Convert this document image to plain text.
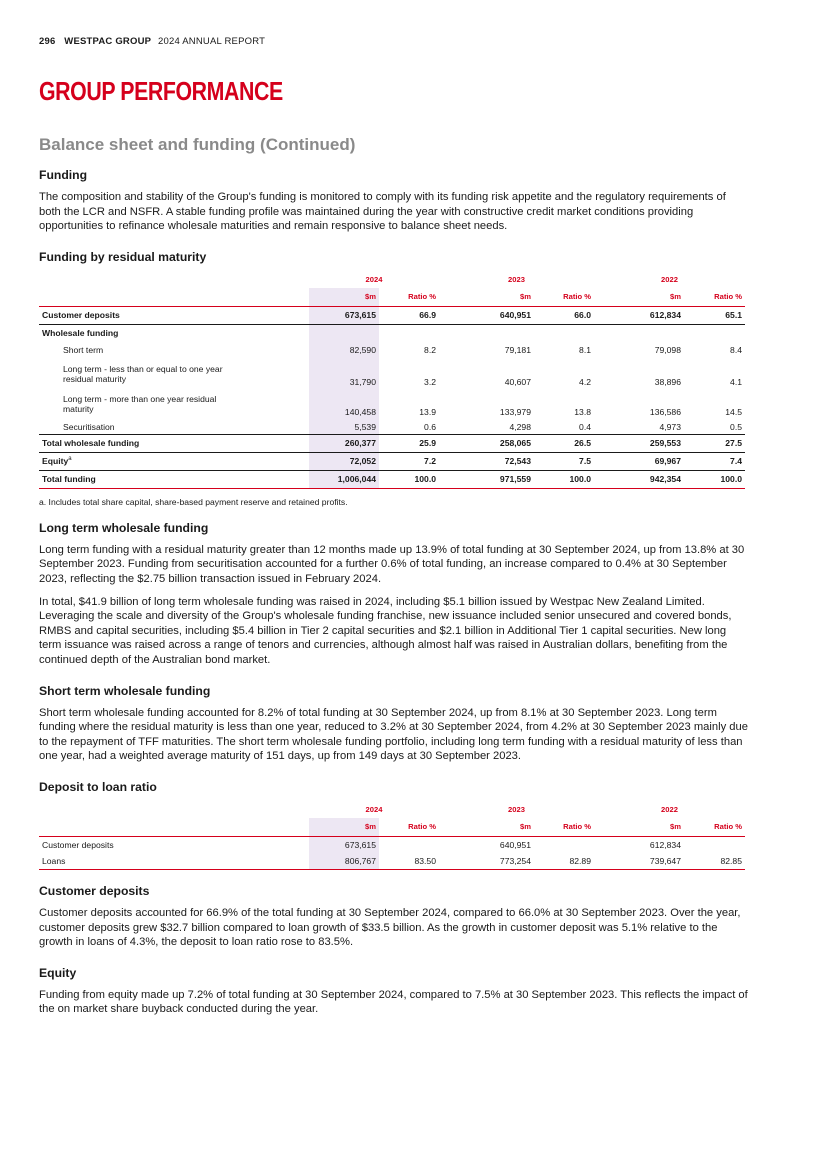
296 WESTPAC GROUP 2024 ANNUAL REPORT
GROUP PERFORMANCE
Balance sheet and funding (Continued)
Funding

The composition and stability of the Group's funding is monitored to comply with its funding risk appetite and the regulatory requirements of both the LCR and NSFR. A stable funding profile was maintained during the year with constructive credit market conditions providing opportunities to refinance wholesale maturities and remain responsive to balance sheet needs.

Funding by residual maturity
	2024		2023		2022	
	$m	Ratio %	$m	Ratio %	$m	Ratio %
Customer deposits	673,615	66.9	640,951	66.0	612,834	65.1
Wholesale funding						
Short term	82,590	8.2	79,181	8.1	79,098	8.4
Long term - less than or equal to one year residual maturity	31,790	3.2	40,607	4.2	38,896	4.1
Long term - more than one year residual maturity	140,458	13.9	133,979	13.8	136,586	14.5
Securitisation	5,539	0.6	4,298	0.4	4,973	0.5
Total wholesale funding	260,377	25.9	258,065	26.5	259,553	27.5
Equity$^a$	72,052	7.2	72,543	7.5	69,967	7.4
Total funding	1,006,044	100.0	971,559	100.0	942,354	100.0
a. Includes total share capital, share-based payment reserve and retained profits.
Long term wholesale funding

Long term funding with a residual maturity greater than 12 months made up 13.9% of total funding at 30 September 2024, up from 13.8% at 30 September 2023. Funding from securitisation accounted for a further 0.6% of total funding, an increase compared to 0.4% at 30 September 2023, reflecting the $2.75 billion transaction issued in February 2024.

In total, $41.9 billion of long term wholesale funding was raised in 2024, including $5.1 billion issued by Westpac New Zealand Limited. Leveraging the scale and diversity of the Group's wholesale funding franchise, new issuance included senior unsecured and covered bonds, RMBS and capital securities, including $5.4 billion in Tier 2 capital securities and $2.1 billion in Additional Tier 1 capital securities. New long term issuance was raised across a range of tenors and currencies, although almost half was raised in Australian dollars, benefiting from the continued depth of the Australian bond market.

Short term wholesale funding

Short term wholesale funding accounted for 8.2% of total funding at 30 September 2024, up from 8.1% at 30 September 2023. Long term funding where the residual maturity is less than one year, reduced to 3.2% at 30 September 2024, from 4.2% at 30 September 2023 mainly due to the repayment of TFF maturities. The short term wholesale funding portfolio, including long term funding with a residual maturity of less than one year, had a weighted average maturity of 151 days, up from 149 days at 30 September 2023.

Deposit to loan ratio
	2024		2023		2022	
	$m	Ratio %	$m	Ratio %	$m	Ratio %
Customer deposits	673,615		640,951		612,834	
Loans	806,767	83.50	773,254	82.89	739,647	82.85
Customer deposits

Customer deposits accounted for 66.9% of the total funding at 30 September 2024, compared to 66.0% at 30 September 2023. Over the year, customer deposits grew $32.7 billion compared to loan growth of $33.5 billion. As the growth in customer deposit was 5.1% relative to the growth in loans of 4.3%, the deposit to loan ratio rose to 83.5%.

Equity

Funding from equity made up 7.2% of total funding at 30 September 2024, compared to 7.5% at 30 September 2023. This reflects the impact of the on market share buyback conducted during the year.
